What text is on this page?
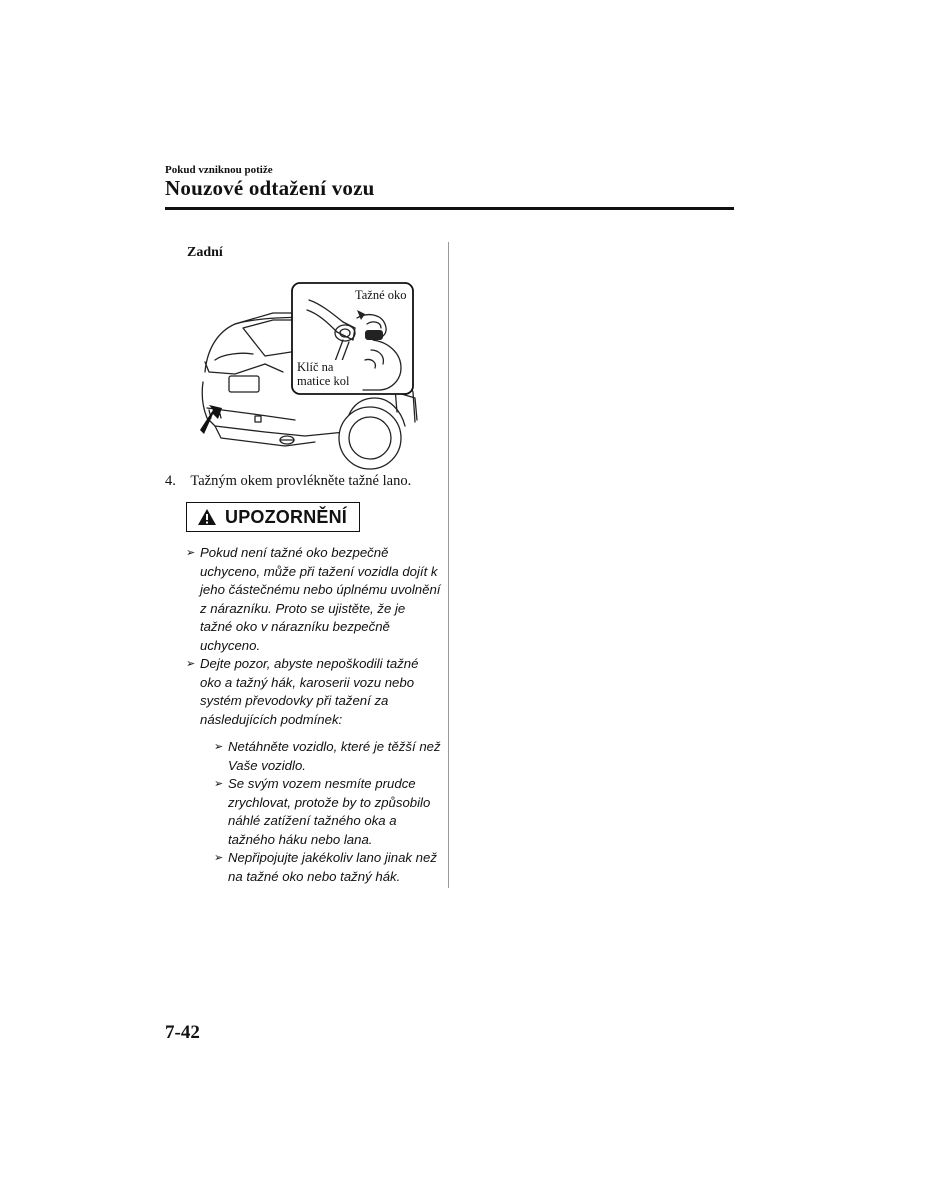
Pokud vzniknou potiže
Nouzové odtažení vozu
Zadní
Tažné oko
Klíč na
matice kol
4. Tažným okem provlékněte tažné lano.
UPOZORNĚNÍ
➢ Pokud není tažné oko bezpečně uchyceno, může při tažení vozidla dojít k jeho částečnému nebo úplnému uvolnění z nárazníku. Proto se ujistěte, že je tažné oko v nárazníku bezpečně uchyceno.
➢ Dejte pozor, abyste nepoškodili tažné oko a tažný hák, karoserii vozu nebo systém převodovky při tažení za následujících podmínek:
➢ Netáhněte vozidlo, které je těžší než Vaše vozidlo.
➢ Se svým vozem nesmíte prudce zrychlovat, protože by to způsobilo náhlé zatížení tažného oka a tažného háku nebo lana.
➢ Nepřipojujte jakékoliv lano jinak než na tažné oko nebo tažný hák.
7-42
